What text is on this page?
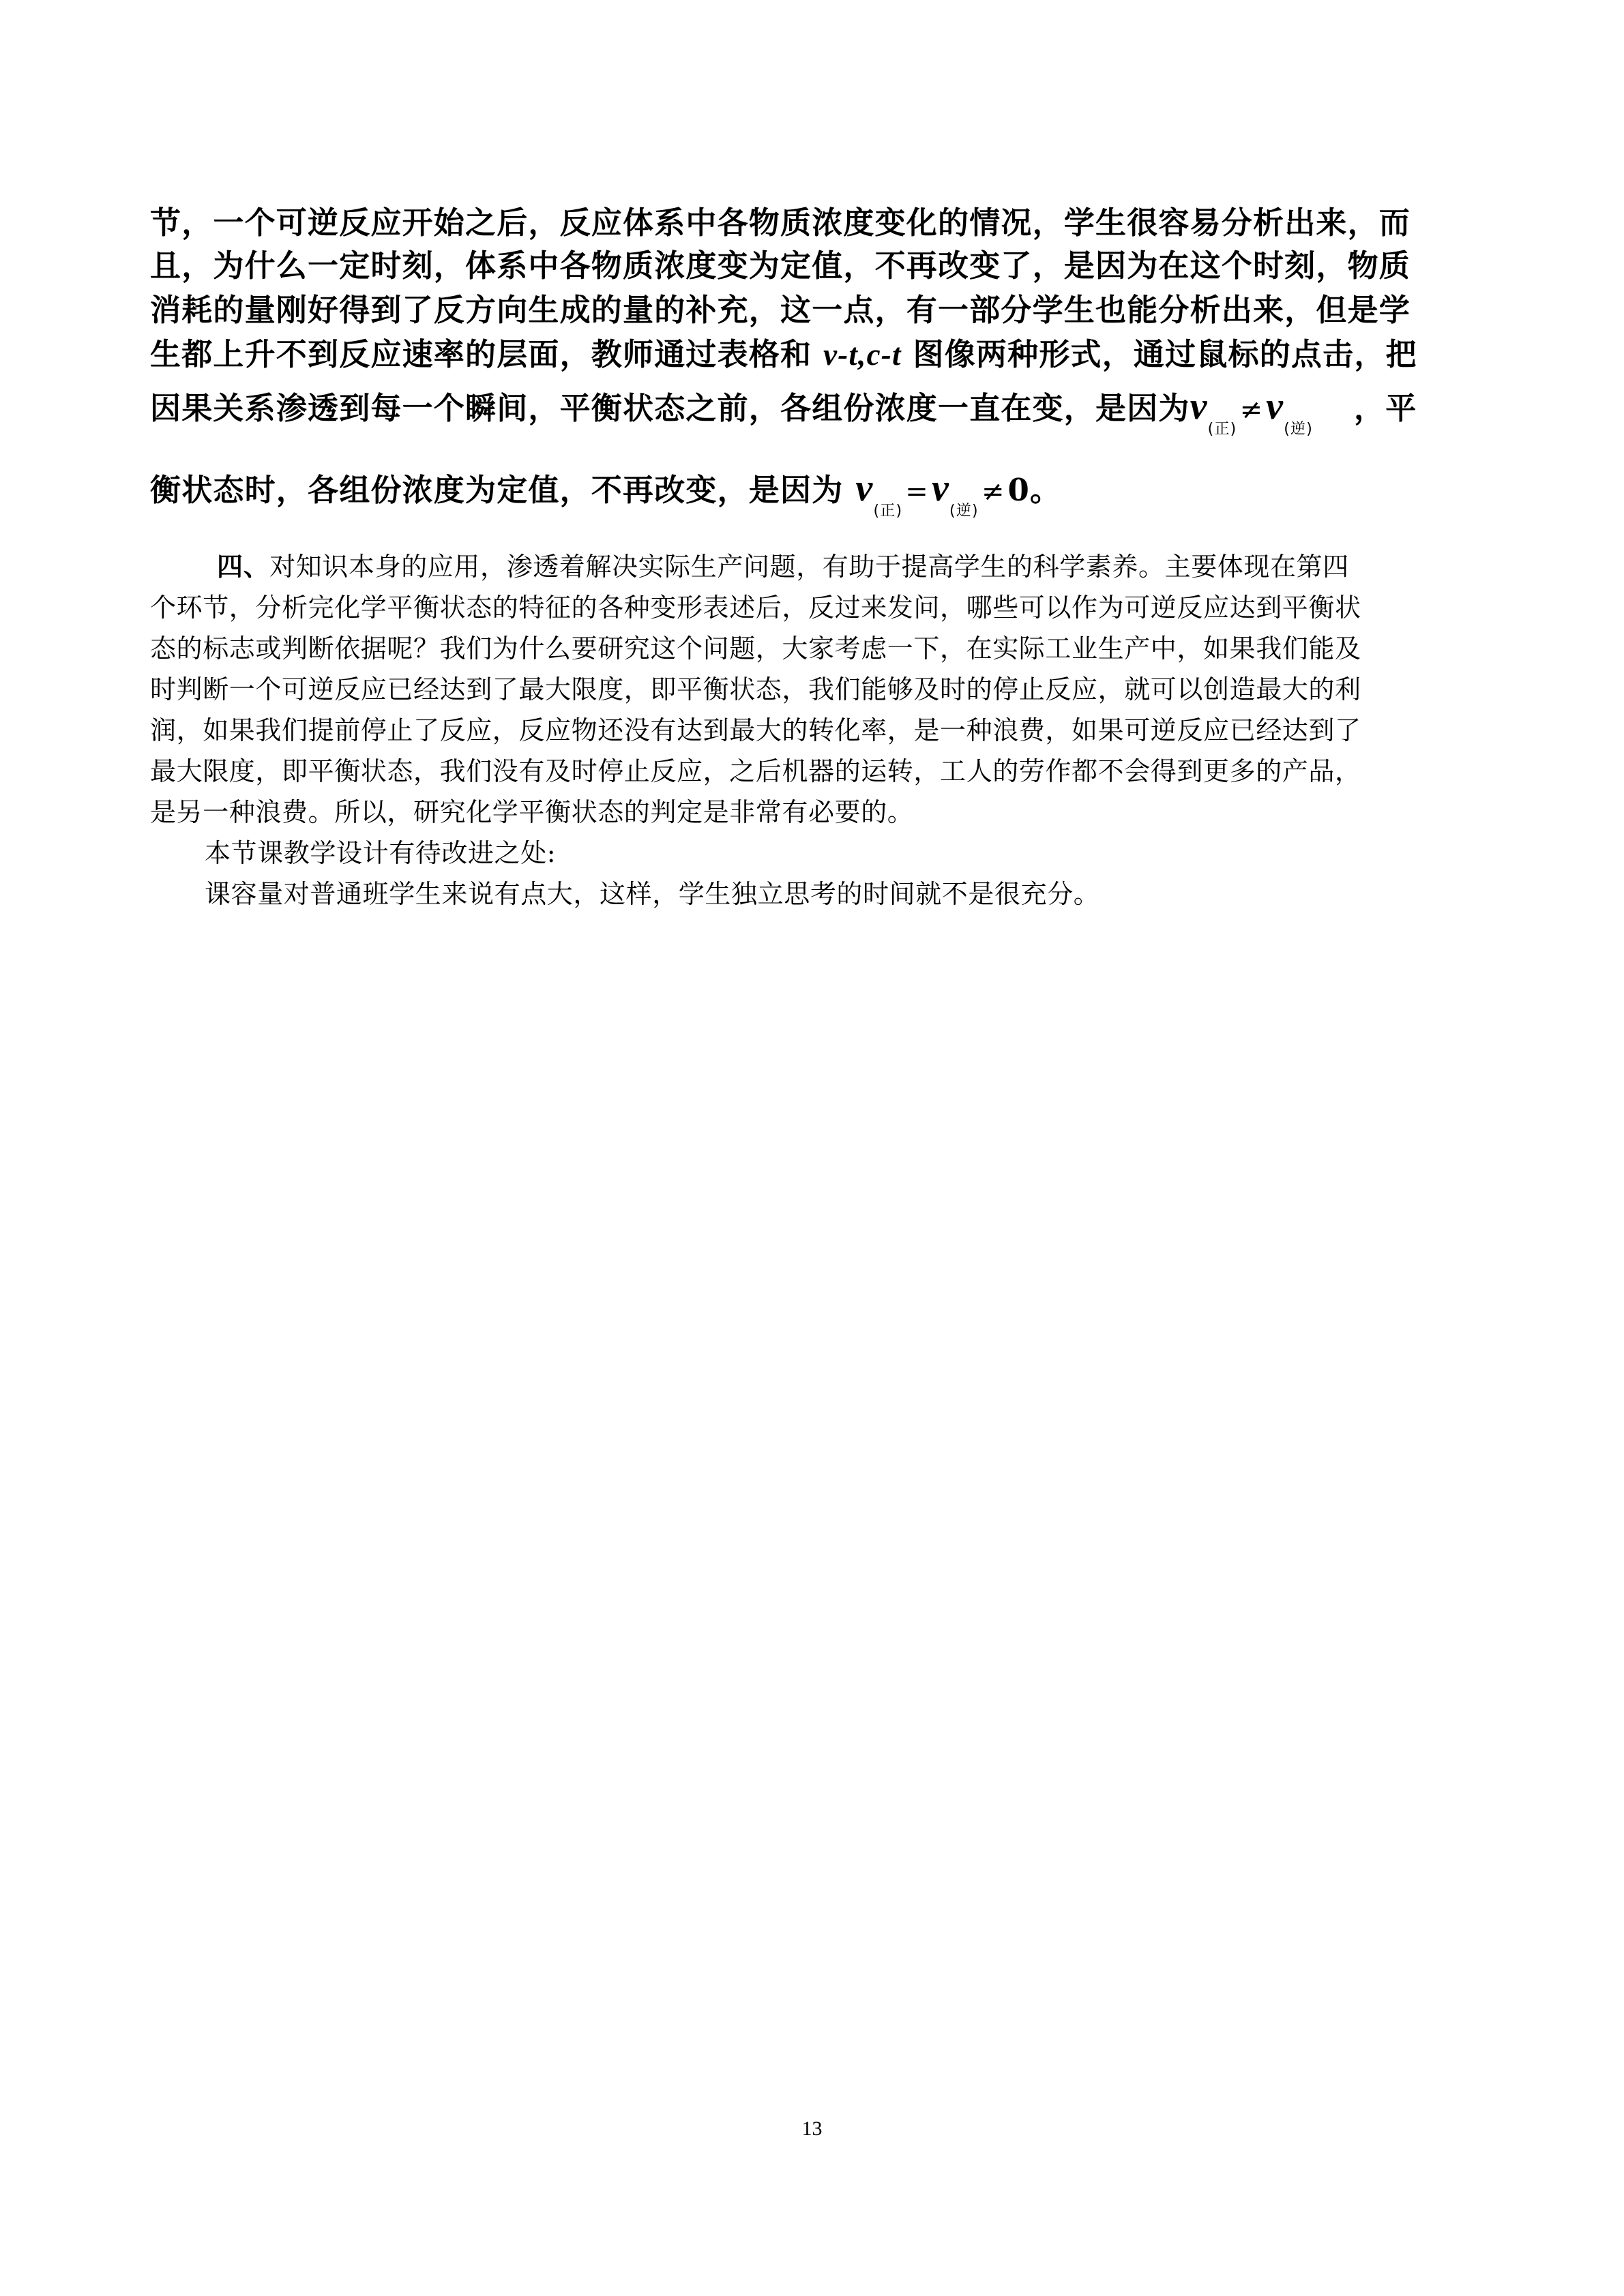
节，一个可逆反应开始之后，反应体系中各物质浓度变化的情况，学生很容易分析出来，而
且，为什么一定时刻，体系中各物质浓度变为定值，不再改变了，是因为在这个时刻，物质
消耗的量刚好得到了反方向生成的量的补充，这一点，有一部分学生也能分析出来，但是学
生都上升不到反应速率的层面，教师通过表格和 v-t,c-t 图像两种形式，通过鼠标的点击，把
因果关系渗透到每一个瞬间，平衡状态之前，各组份浓度一直在变，是因为$v_{(正)}\ne v_{(逆)}$，平
衡状态时，各组份浓度为定值，不再改变，是因为 $v_{(正)}=v_{(逆)}\ne 0$。
四、对知识本身的应用，渗透着解决实际生产问题，有助于提高学生的科学素养。主要体现在第四
个环节，分析完化学平衡状态的特征的各种变形表述后，反过来发问，哪些可以作为可逆反应达到平衡状
态的标志或判断依据呢？我们为什么要研究这个问题，大家考虑一下，在实际工业生产中，如果我们能及
时判断一个可逆反应已经达到了最大限度，即平衡状态，我们能够及时的停止反应，就可以创造最大的利
润，如果我们提前停止了反应，反应物还没有达到最大的转化率，是一种浪费，如果可逆反应已经达到了
最大限度，即平衡状态，我们没有及时停止反应，之后机器的运转，工人的劳作都不会得到更多的产品，
是另一种浪费。所以，研究化学平衡状态的判定是非常有必要的。
本节课教学设计有待改进之处:
课容量对普通班学生来说有点大，这样，学生独立思考的时间就不是很充分。
13
